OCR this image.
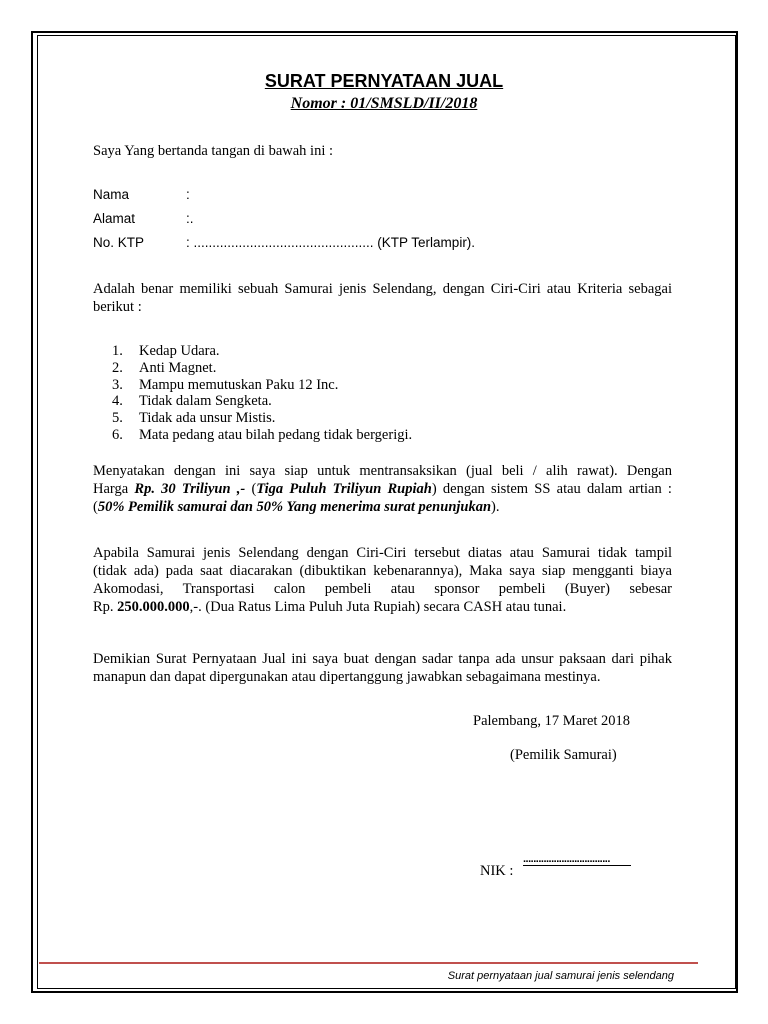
SURAT PERNYATAAN JUAL
Nomor : 01/SMSLD/II/2018
Saya Yang bertanda tangan di bawah ini :
Nama	:
Alamat	:.
No. KTP	: ................................................ (KTP Terlampir).
Adalah benar memiliki sebuah Samurai jenis Selendang, dengan Ciri-Ciri atau Kriteria sebagai berikut :
1. Kedap Udara.
2. Anti Magnet.
3. Mampu memutuskan Paku 12 Inc.
4. Tidak dalam Sengketa.
5. Tidak ada unsur Mistis.
6. Mata pedang atau bilah pedang tidak bergerigi.
Menyatakan dengan ini saya siap untuk mentransaksikan (jual beli / alih rawat). Dengan
Harga Rp. 30 Triliyun ,- (Tiga Puluh Triliyun Rupiah) dengan sistem SS atau dalam artian :
(50% Pemilik samurai dan 50% Yang menerima surat penunjukan).
Apabila Samurai jenis Selendang dengan Ciri-Ciri tersebut diatas atau Samurai tidak tampil
(tidak ada) pada saat diacarakan (dibuktikan kebenarannya), Maka saya siap mengganti biaya
Akomodasi, Transportasi calon pembeli atau sponsor pembeli (Buyer) sebesar
Rp. 250.000.000,-. (Dua Ratus Lima Puluh Juta Rupiah) secara CASH atau tunai.
Demikian Surat Pernyataan Jual ini saya buat dengan sadar tanpa ada unsur paksaan dari pihak manapun dan dapat dipergunakan atau dipertanggung jawabkan sebagaimana mestinya.
Palembang, 17 Maret 2018
(Pemilik Samurai)
..................................
NIK :
Surat pernyataan jual samurai jenis selendang
